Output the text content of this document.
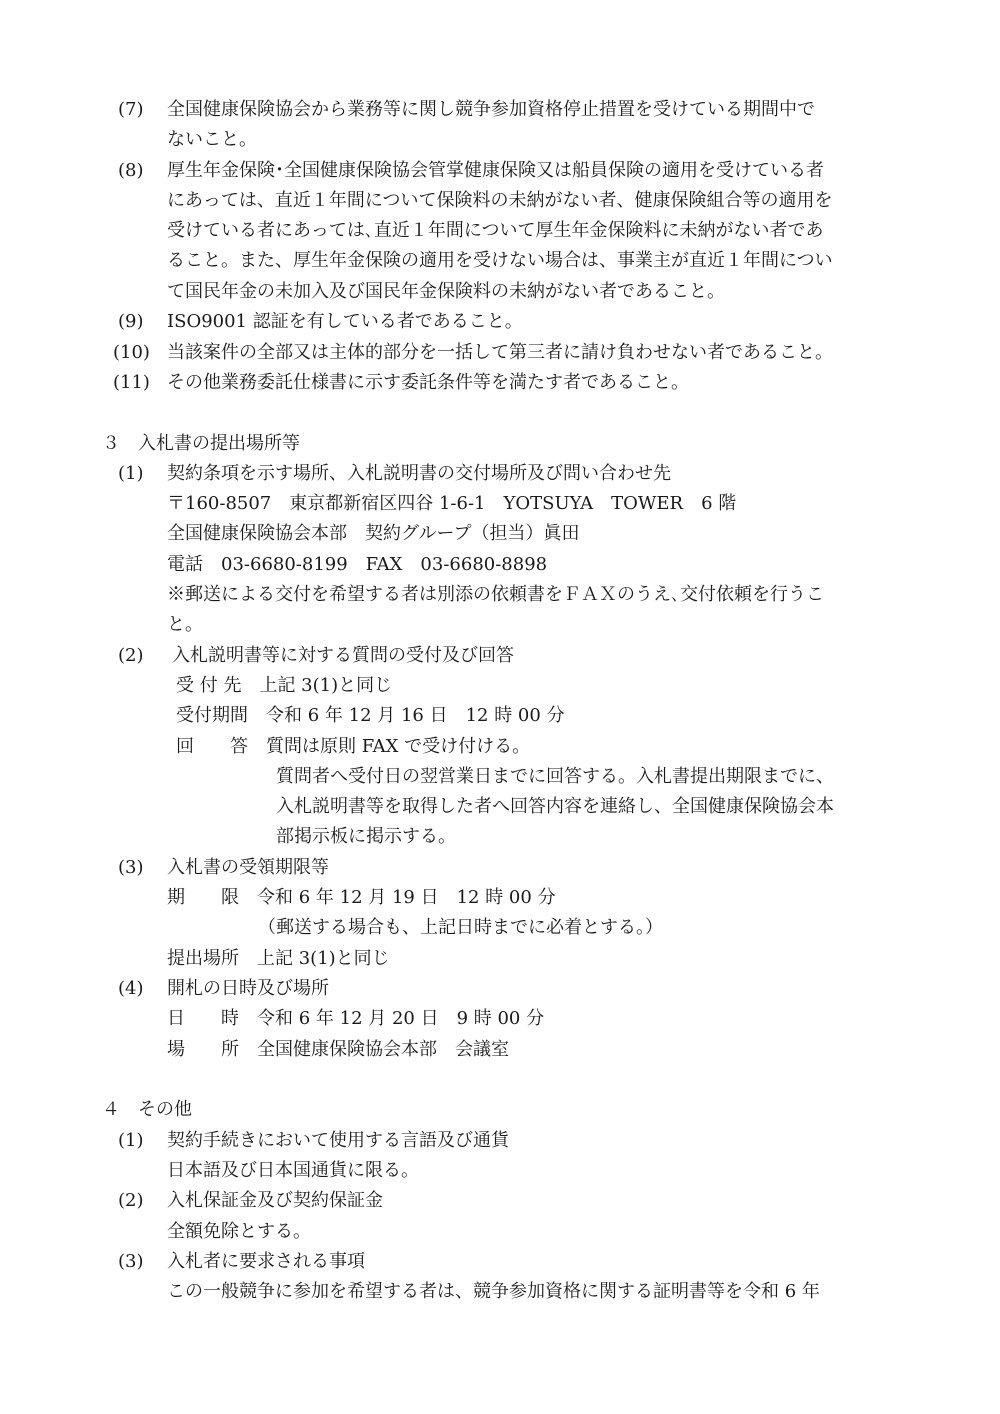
(7) 全国健康保険協会から業務等に関し競争参加資格停止措置を受けている期間中で

ないこと。

(8) 厚生年金保険･全国健康保険協会管掌健康保険又は船員保険の適用を受けている者

にあっては、直近１年間について保険料の未納がない者、健康保険組合等の適用を

受けている者にあっては､直近１年間について厚生年金保険料に未納がない者であ

ること。また、厚生年金保険の適用を受けない場合は、事業主が直近１年間につい

て国民年金の未加入及び国民年金保険料の未納がない者であること。

(9) ISO9001 認証を有している者であること。

(10) 当該案件の全部又は主体的部分を一括して第三者に請け負わせない者であること。

(11) その他業務委託仕様書に示す委託条件等を満たす者であること。

３　入札書の提出場所等

(1) 契約条項を示す場所、入札説明書の交付場所及び問い合わせ先

〒160-8507　東京都新宿区四谷 1-6-1　YOTSUYA　TOWER　6 階

全国健康保険協会本部　契約グループ（担当）眞田

電話　03-6680-8199　FAX　03-6680-8898

※郵送による交付を希望する者は別添の依頼書をＦＡＸのうえ､交付依頼を行うこ

と。

(2) 入札説明書等に対する質問の受付及び回答

受 付 先　上記 3(1)と同じ

受付期間　令和 6 年 12 月 16 日　12 時 00 分

回　　答　質問は原則 FAX で受け付ける。

質問者へ受付日の翌営業日までに回答する。入札書提出期限までに、

入札説明書等を取得した者へ回答内容を連絡し、全国健康保険協会本

部掲示板に掲示する。

(3) 入札書の受領期限等

期　　限　令和 6 年 12 月 19 日　12 時 00 分

（郵送する場合も、上記日時までに必着とする。）

提出場所　上記 3(1)と同じ

(4) 開札の日時及び場所

日　　時　令和 6 年 12 月 20 日　9 時 00 分

場　　所　全国健康保険協会本部　会議室

４　その他

(1) 契約手続きにおいて使用する言語及び通貨

日本語及び日本国通貨に限る。

(2) 入札保証金及び契約保証金

全額免除とする。

(3) 入札者に要求される事項

この一般競争に参加を希望する者は、競争参加資格に関する証明書等を令和 6 年
